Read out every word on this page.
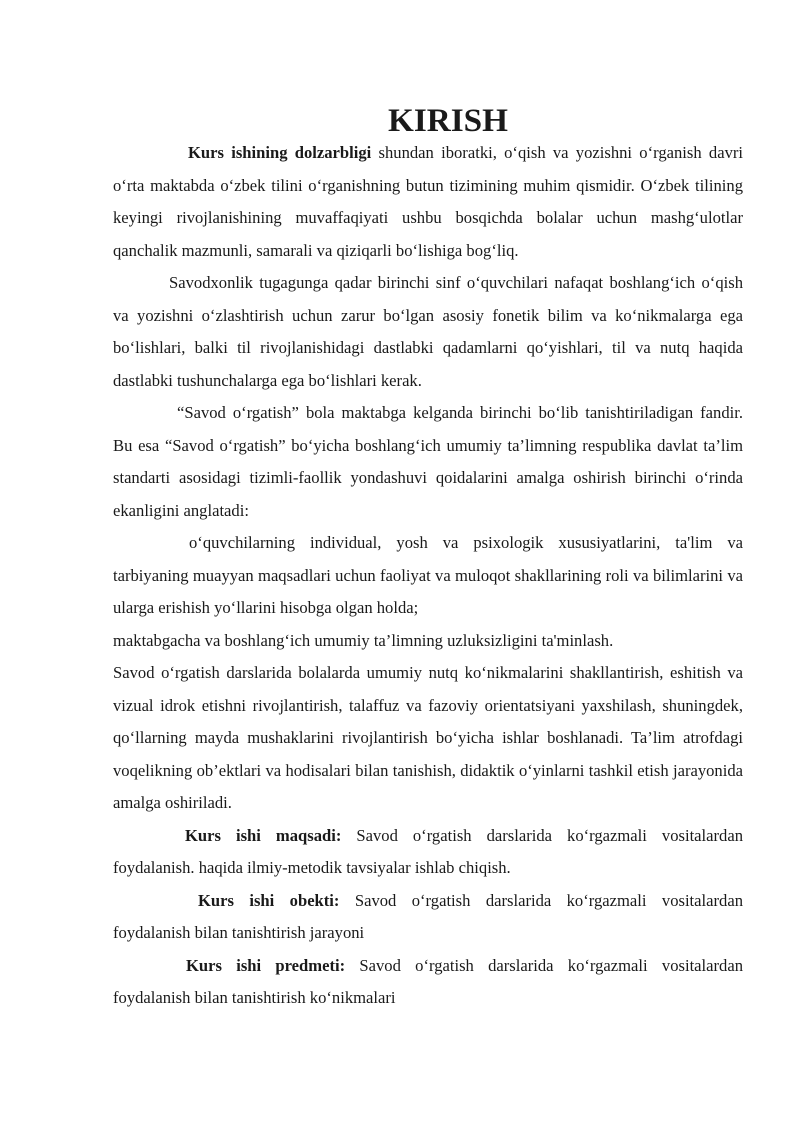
KIRISH

Kurs ishining dolzarbligi shundan iboratki, o‘qish va yozishni o‘rganish davri o‘rta maktabda o‘zbek tilini o‘rganishning butun tizimining muhim qismidir. O‘zbek tilining keyingi rivojlanishining muvaffaqiyati ushbu bosqichda bolalar uchun mashg‘ulotlar qanchalik mazmunli, samarali va qiziqarli bo‘lishiga bog‘liq.

Savodxonlik tugagunga qadar birinchi sinf o‘quvchilari nafaqat boshlang‘ich o‘qish va yozishni o‘zlashtirish uchun zarur bo‘lgan asosiy fonetik bilim va ko‘nikmalarga ega bo‘lishlari, balki til rivojlanishidagi dastlabki qadamlarni qo‘yishlari, til va nutq haqida dastlabki tushunchalarga ega bo‘lishlari kerak.

“Savod o‘rgatish” bola maktabga kelganda birinchi bo‘lib tanishtiriladigan fandir. Bu esa “Savod o‘rgatish” bo‘yicha boshlang‘ich umumiy ta’limning respublika davlat ta’lim standarti asosidagi tizimli-faollik yondashuvi qoidalarini amalga oshirish birinchi o‘rinda ekanligini anglatadi:

o‘quvchilarning individual, yosh va psixologik xususiyatlarini, ta'lim va tarbiyaning muayyan maqsadlari uchun faoliyat va muloqot shakllarining roli va bilimlarini va ularga erishish yo‘llarini hisobga olgan holda;

maktabgacha va boshlang‘ich umumiy ta’limning uzluksizligini ta'minlash.

Savod o‘rgatish darslarida bolalarda umumiy nutq ko‘nikmalarini shakllantirish, eshitish va vizual idrok etishni rivojlantirish, talaffuz va fazoviy orientatsiyani yaxshilash, shuningdek, qo‘llarning mayda mushaklarini rivojlantirish bo‘yicha ishlar boshlanadi. Ta’lim atrofdagi voqelikning ob’ektlari va hodisalari bilan tanishish, didaktik o‘yinlarni tashkil etish jarayonida amalga oshiriladi.

Kurs ishi maqsadi: Savod o‘rgatish darslarida ko‘rgazmali vositalardan foydalanish. haqida ilmiy-metodik tavsiyalar ishlab chiqish.

Kurs ishi obekti: Savod o‘rgatish darslarida ko‘rgazmali vositalardan foydalanish bilan tanishtirish jarayoni

Kurs ishi predmeti: Savod o‘rgatish darslarida ko‘rgazmali vositalardan foydalanish bilan tanishtirish ko‘nikmalari
